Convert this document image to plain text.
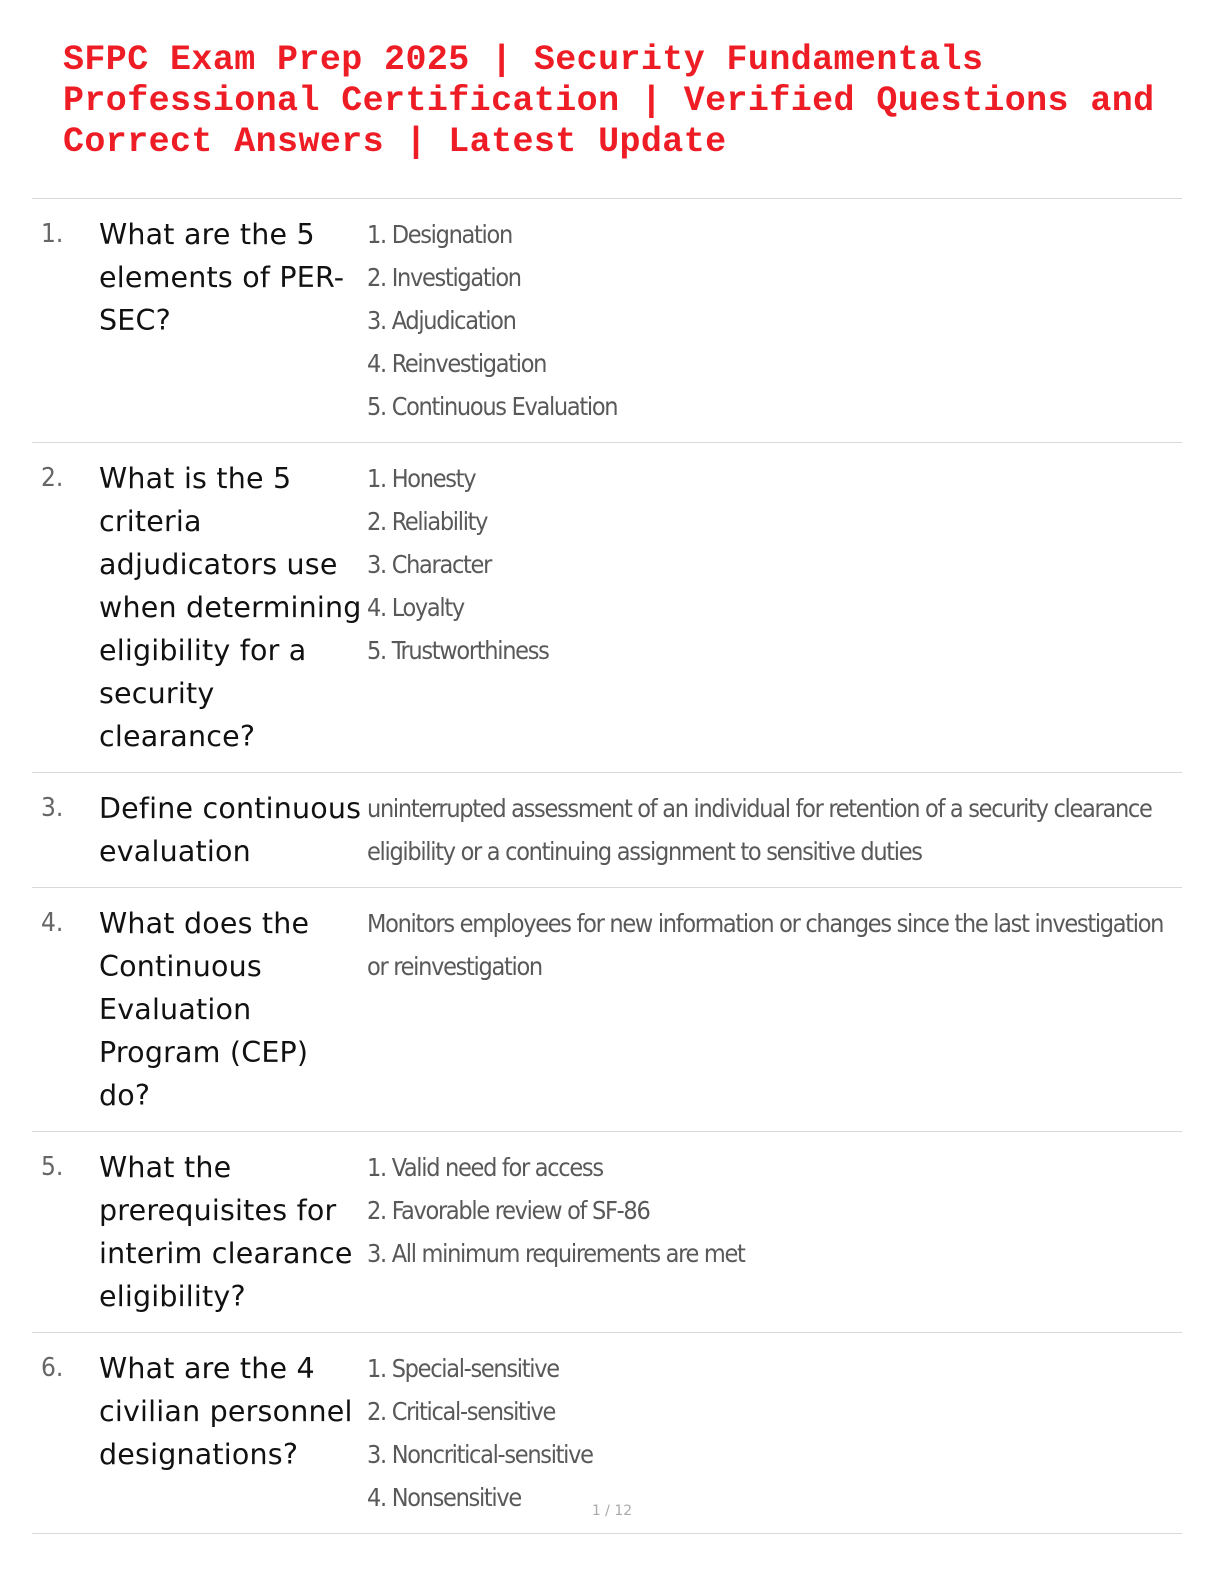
SFPC Exam Prep 2025 | Security Fundamentals Professional Certification | Verified Questions and Correct Answers | Latest Update
1.	What are the 5 elements of PER-SEC?
1. Designation
2. Investigation
3. Adjudication
4. Reinvestigation
5. Continuous Evaluation
2.	What is the 5 criteria adjudicators use when determining eligibility for a security clearance?
1. Honesty
2. Reliability
3. Character
4. Loyalty
5. Trustworthiness
3.	Define continuous evaluation
uninterrupted assessment of an individual for retention of a security clearance eligibility or a continuing assignment to sensitive duties
4.	What does the Continuous Evaluation Program (CEP) do?
Monitors employees for new information or changes since the last investigation or reinvestigation
5.	What the prerequisites for interim clearance eligibility?
1. Valid need for access
2. Favorable review of SF-86
3. All minimum requirements are met
6.	What are the 4 civilian personnel designations?
1. Special-sensitive
2. Critical-sensitive
3. Noncritical-sensitive
4. Nonsensitive	1 / 12
